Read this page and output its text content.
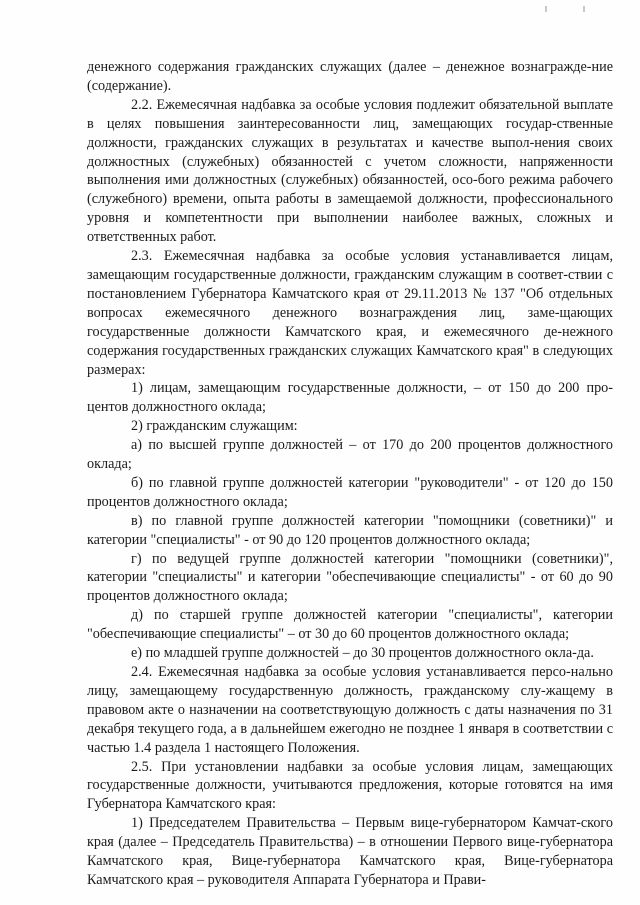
денежного содержания гражданских служащих (далее – денежное вознагражде-ние (содержание).

2.2. Ежемесячная надбавка за особые условия подлежит обязательной выплате в целях повышения заинтересованности лиц, замещающих государ-ственные должности, гражданских служащих в результатах и качестве выпол-нения своих должностных (служебных) обязанностей с учетом сложности, напряженности выполнения ими должностных (служебных) обязанностей, осо-бого режима рабочего (служебного) времени, опыта работы в замещаемой должности, профессионального уровня и компетентности при выполнении наиболее важных, сложных и ответственных работ.

2.3. Ежемесячная надбавка за особые условия устанавливается лицам, замещающим государственные должности, гражданским служащим в соответ-ствии с постановлением Губернатора Камчатского края от 29.11.2013 № 137 "Об отдельных вопросах ежемесячного денежного вознаграждения лиц, заме-щающих государственные должности Камчатского края, и ежемесячного де-нежного содержания государственных гражданских служащих Камчатского края" в следующих размерах:

1) лицам, замещающим государственные должности, – от 150 до 200 про-центов должностного оклада;

2) гражданским служащим:

а) по высшей группе должностей – от 170 до 200 процентов должностного оклада;

б) по главной группе должностей категории "руководители" - от 120 до 150 процентов должностного оклада;

в) по главной группе должностей категории "помощники (советники)" и категории "специалисты" - от 90 до 120 процентов должностного оклада;

г) по ведущей группе должностей категории "помощники (советники)", категории "специалисты" и категории "обеспечивающие специалисты" - от 60 до 90 процентов должностного оклада;

д) по старшей группе должностей категории "специалисты", категории "обеспечивающие специалисты" – от 30 до 60 процентов должностного оклада;

е) по младшей группе должностей – до 30 процентов должностного окла-да.

2.4. Ежемесячная надбавка за особые условия устанавливается персо-нально лицу, замещающему государственную должность, гражданскому слу-жащему в правовом акте о назначении на соответствующую должность с даты назначения по 31 декабря текущего года, а в дальнейшем ежегодно не позднее 1 января в соответствии с частью 1.4 раздела 1 настоящего Положения.

2.5. При установлении надбавки за особые условия лицам, замещающих государственные должности, учитываются предложения, которые готовятся на имя Губернатора Камчатского края:

1) Председателем Правительства – Первым вице-губернатором Камчат-ского края (далее – Председатель Правительства) – в отношении Первого вице-губернатора Камчатского края, Вице-губернатора Камчатского края, Вице-губернатора Камчатского края – руководителя Аппарата Губернатора и Прави-
